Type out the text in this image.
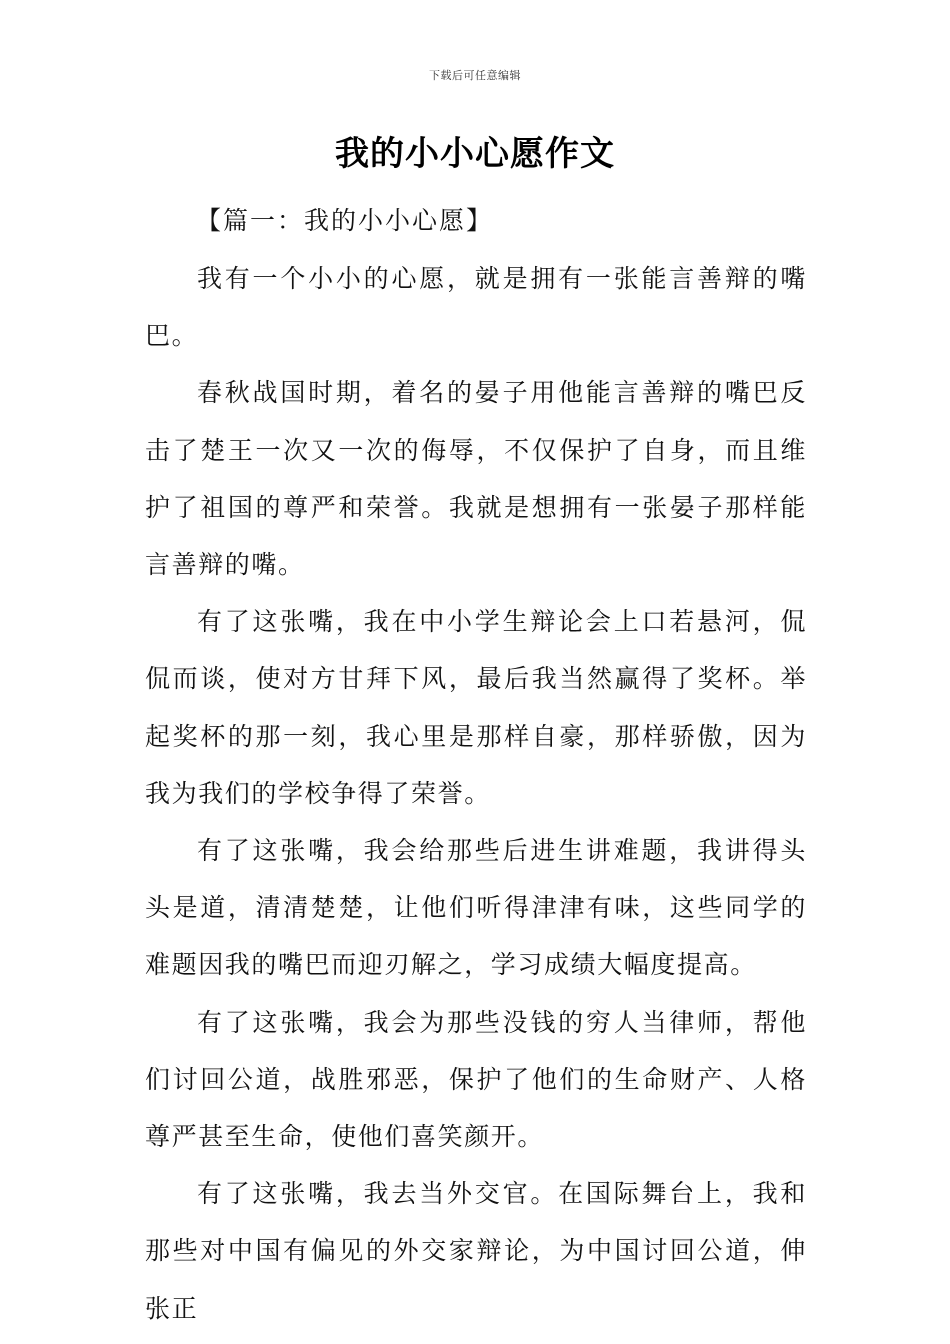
下载后可任意编辑
我的小小心愿作文
【篇一：我的小小心愿】

我有一个小小的心愿，就是拥有一张能言善辩的嘴巴。

春秋战国时期，着名的晏子用他能言善辩的嘴巴反击了楚王一次又一次的侮辱，不仅保护了自身，而且维护了祖国的尊严和荣誉。我就是想拥有一张晏子那样能言善辩的嘴。

有了这张嘴，我在中小学生辩论会上口若悬河，侃侃而谈，使对方甘拜下风，最后我当然赢得了奖杯。举起奖杯的那一刻，我心里是那样自豪，那样骄傲，因为我为我们的学校争得了荣誉。

有了这张嘴，我会给那些后进生讲难题，我讲得头头是道，清清楚楚，让他们听得津津有味，这些同学的难题因我的嘴巴而迎刃解之，学习成绩大幅度提高。

有了这张嘴，我会为那些没钱的穷人当律师，帮他们讨回公道，战胜邪恶，保护了他们的生命财产、人格尊严甚至生命，使他们喜笑颜开。

有了这张嘴，我去当外交官。在国际舞台上，我和那些对中国有偏见的外交家辩论，为中国讨回公道，伸张正
